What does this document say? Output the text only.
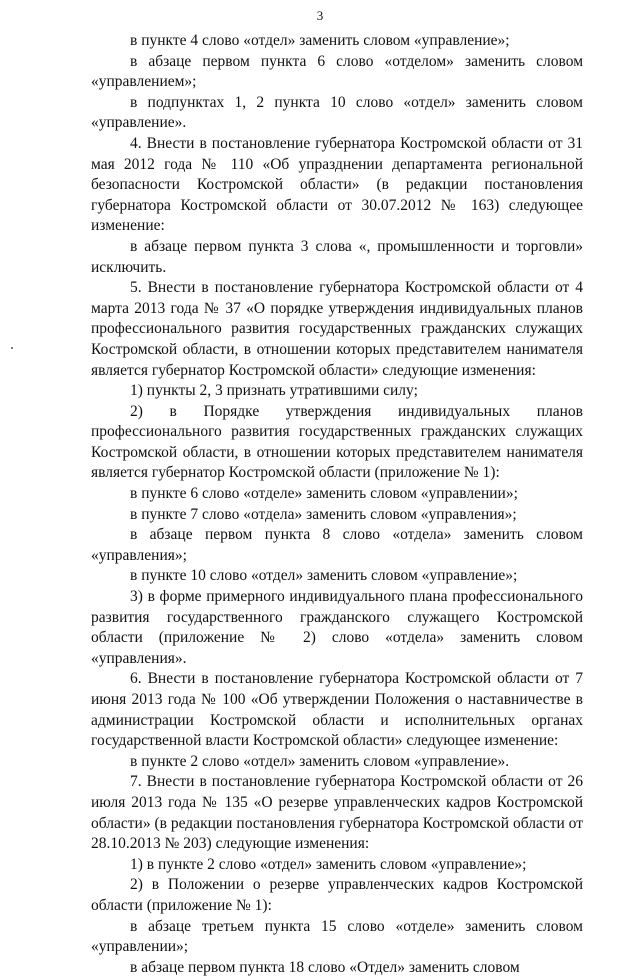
3

в пункте 4 слово «отдел» заменить словом «управление»;

в абзаце первом пункта 6 слово «отделом» заменить словом «управлением»;

в подпунктах 1, 2 пункта 10 слово «отдел» заменить словом «управление».

4. Внести в постановление губернатора Костромской области от 31 мая 2012 года № 110 «Об упразднении департамента региональной безопасности Костромской области» (в редакции постановления губернатора Костромской области от 30.07.2012 № 163) следующее изменение:

в абзаце первом пункта 3 слова «, промышленности и торговли» исключить.

5. Внести в постановление губернатора Костромской области от 4 марта 2013 года № 37 «О порядке утверждения индивидуальных планов профессионального развития государственных гражданских служащих Костромской области, в отношении которых представителем нанимателя является губернатор Костромской области» следующие изменения:

1) пункты 2, 3 признать утратившими силу;

2) в Порядке утверждения индивидуальных планов профессионального развития государственных гражданских служащих Костромской области, в отношении которых представителем нанимателя является губернатор Костромской области (приложение № 1):

в пункте 6 слово «отделе» заменить словом «управлении»;

в пункте 7 слово «отдела» заменить словом «управления»;

в абзаце первом пункта 8 слово «отдела» заменить словом «управления»;

в пункте 10 слово «отдел» заменить словом «управление»;

3) в форме примерного индивидуального плана профессионального развития государственного гражданского служащего Костромской области (приложение № 2) слово «отдела» заменить словом «управления».

6. Внести в постановление губернатора Костромской области от 7 июня 2013 года № 100 «Об утверждении Положения о наставничестве в администрации Костромской области и исполнительных органах государственной власти Костромской области» следующее изменение:

в пункте 2 слово «отдел» заменить словом «управление».

7. Внести в постановление губернатора Костромской области от 26 июля 2013 года № 135 «О резерве управленческих кадров Костромской области» (в редакции постановления губернатора Костромской области от 28.10.2013 № 203) следующие изменения:

1) в пункте 2 слово «отдел» заменить словом «управление»;

2) в Положении о резерве управленческих кадров Костромской области (приложение № 1):

в абзаце третьем пункта 15 слово «отделе» заменить словом «управлении»;

в абзаце первом пункта 18 слово «Отдел» заменить словом
